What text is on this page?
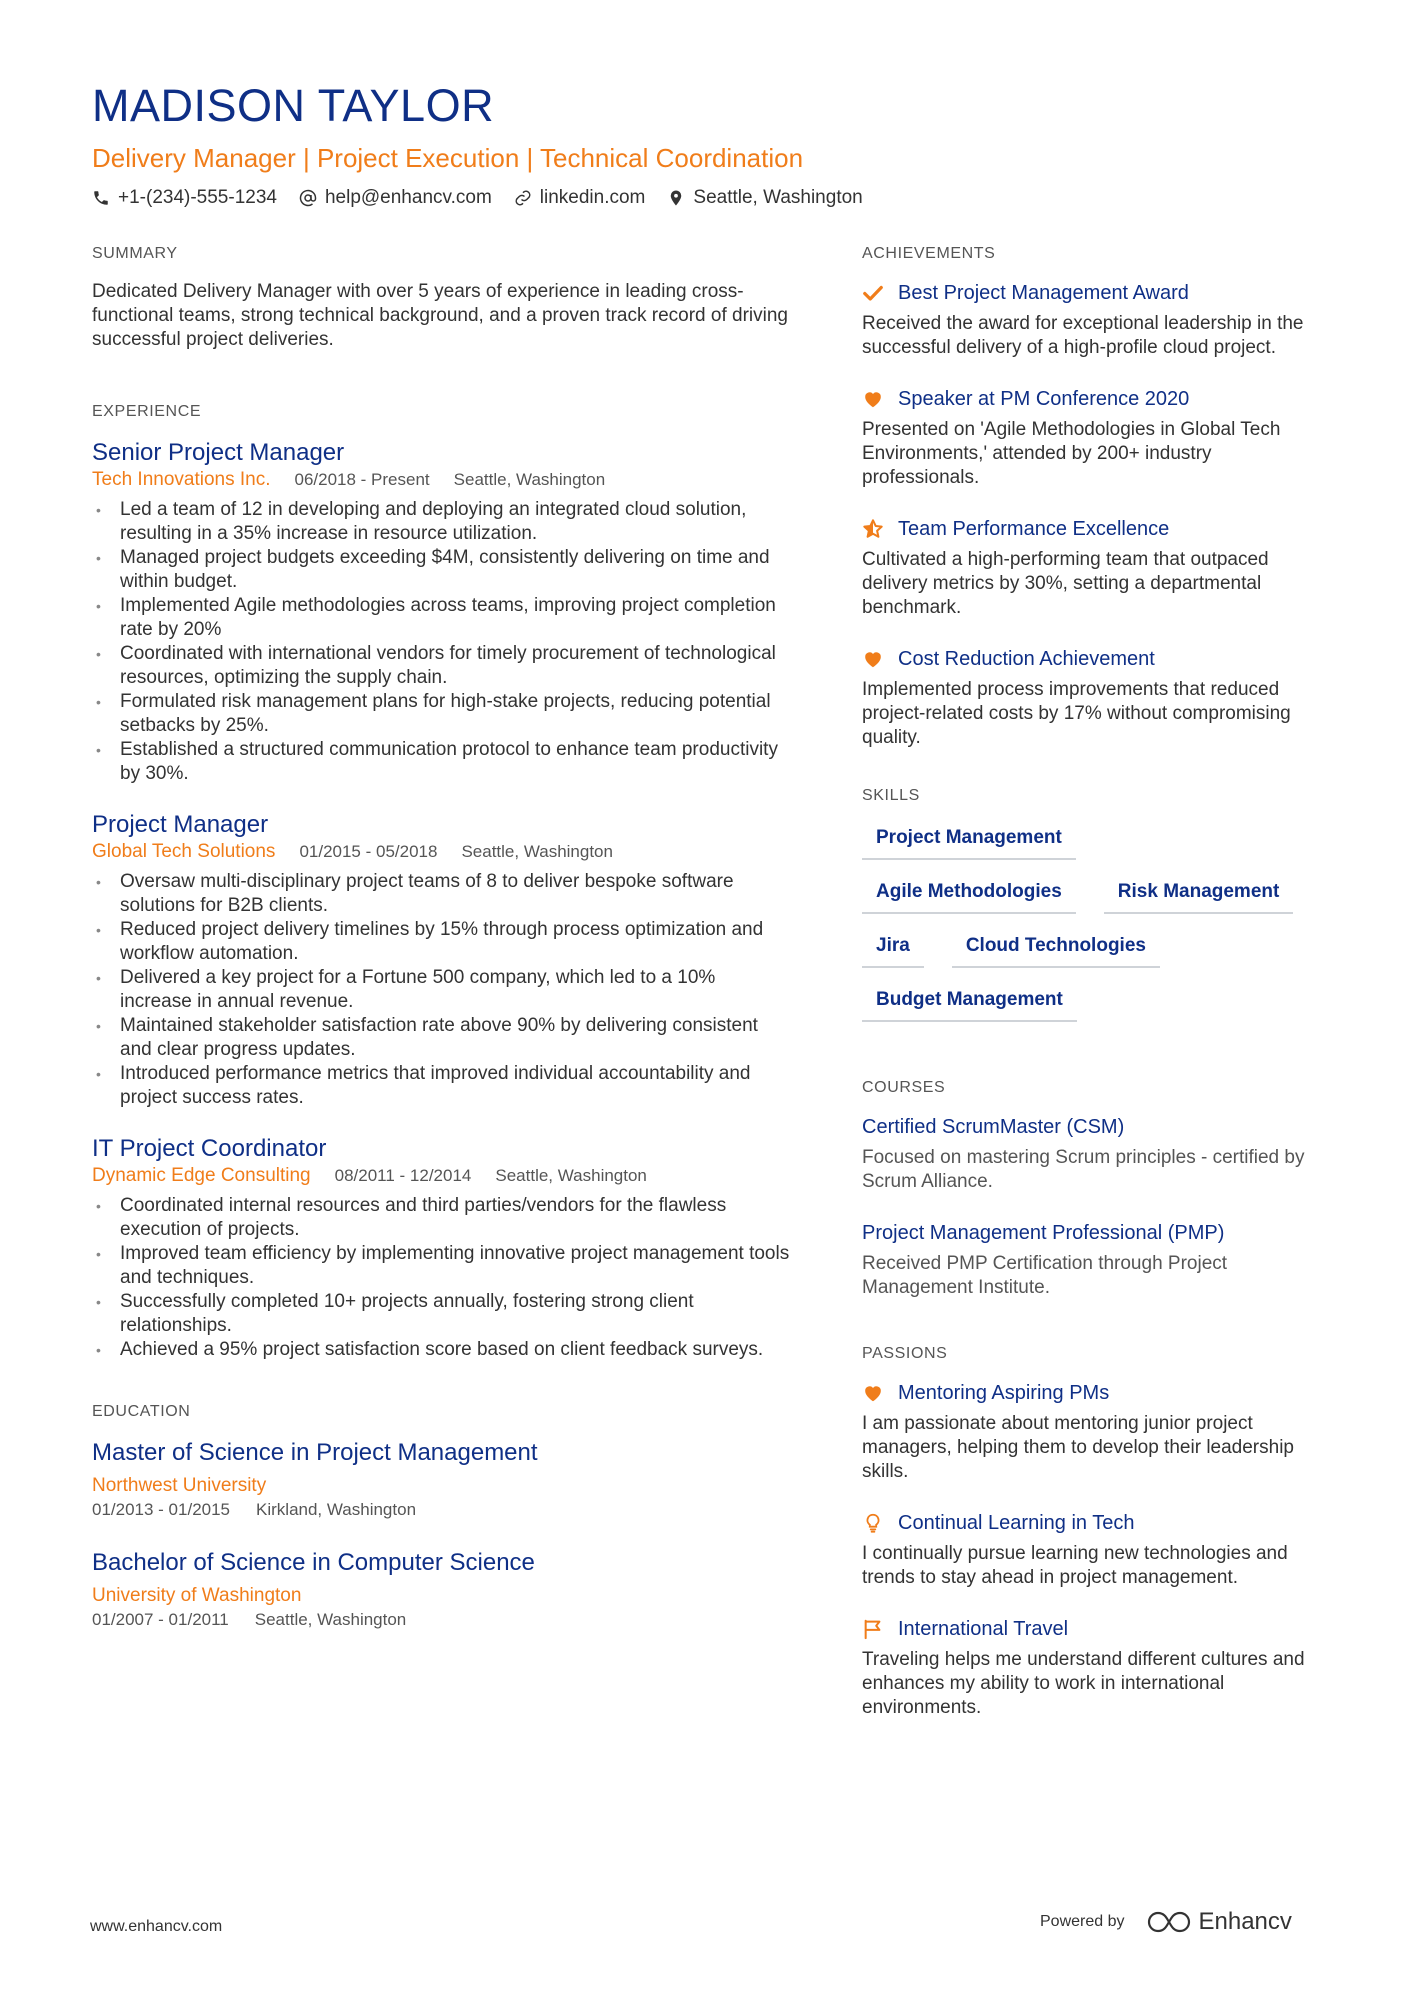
MADISON TAYLOR
Delivery Manager | Project Execution | Technical Coordination
+1-(234)-555-1234	help@enhancv.com	linkedin.com	Seattle, Washington
SUMMARY
Dedicated Delivery Manager with over 5 years of experience in leading cross-functional teams, strong technical background, and a proven track record of driving successful project deliveries.
EXPERIENCE
Senior Project Manager
Tech Innovations Inc. 06/2018 - Present Seattle, Washington
• Led a team of 12 in developing and deploying an integrated cloud solution, resulting in a 35% increase in resource utilization.
• Managed project budgets exceeding $4M, consistently delivering on time and within budget.
• Implemented Agile methodologies across teams, improving project completion rate by 20%
• Coordinated with international vendors for timely procurement of technological resources, optimizing the supply chain.
• Formulated risk management plans for high-stake projects, reducing potential setbacks by 25%.
• Established a structured communication protocol to enhance team productivity by 30%.
Project Manager
Global Tech Solutions 01/2015 - 05/2018 Seattle, Washington
• Oversaw multi-disciplinary project teams of 8 to deliver bespoke software solutions for B2B clients.
• Reduced project delivery timelines by 15% through process optimization and workflow automation.
• Delivered a key project for a Fortune 500 company, which led to a 10% increase in annual revenue.
• Maintained stakeholder satisfaction rate above 90% by delivering consistent and clear progress updates.
• Introduced performance metrics that improved individual accountability and project success rates.
IT Project Coordinator
Dynamic Edge Consulting 08/2011 - 12/2014 Seattle, Washington
• Coordinated internal resources and third parties/vendors for the flawless execution of projects.
• Improved team efficiency by implementing innovative project management tools and techniques.
• Successfully completed 10+ projects annually, fostering strong client relationships.
• Achieved a 95% project satisfaction score based on client feedback surveys.
EDUCATION
Master of Science in Project Management
Northwest University
01/2013 - 01/2015 Kirkland, Washington
Bachelor of Science in Computer Science
University of Washington
01/2007 - 01/2011 Seattle, Washington
ACHIEVEMENTS
Best Project Management Award
Received the award for exceptional leadership in the successful delivery of a high-profile cloud project.
Speaker at PM Conference 2020
Presented on 'Agile Methodologies in Global Tech Environments,' attended by 200+ industry professionals.
Team Performance Excellence
Cultivated a high-performing team that outpaced delivery metrics by 30%, setting a departmental benchmark.
Cost Reduction Achievement
Implemented process improvements that reduced project-related costs by 17% without compromising quality.
SKILLS
Project Management
Agile Methodologies	Risk Management
Jira	Cloud Technologies
Budget Management
COURSES
Certified ScrumMaster (CSM)
Focused on mastering Scrum principles - certified by Scrum Alliance.
Project Management Professional (PMP)
Received PMP Certification through Project Management Institute.
PASSIONS
Mentoring Aspiring PMs
I am passionate about mentoring junior project managers, helping them to develop their leadership skills.
Continual Learning in Tech
I continually pursue learning new technologies and trends to stay ahead in project management.
International Travel
Traveling helps me understand different cultures and enhances my ability to work in international environments.
www.enhancv.com	Powered by	Enhancv
